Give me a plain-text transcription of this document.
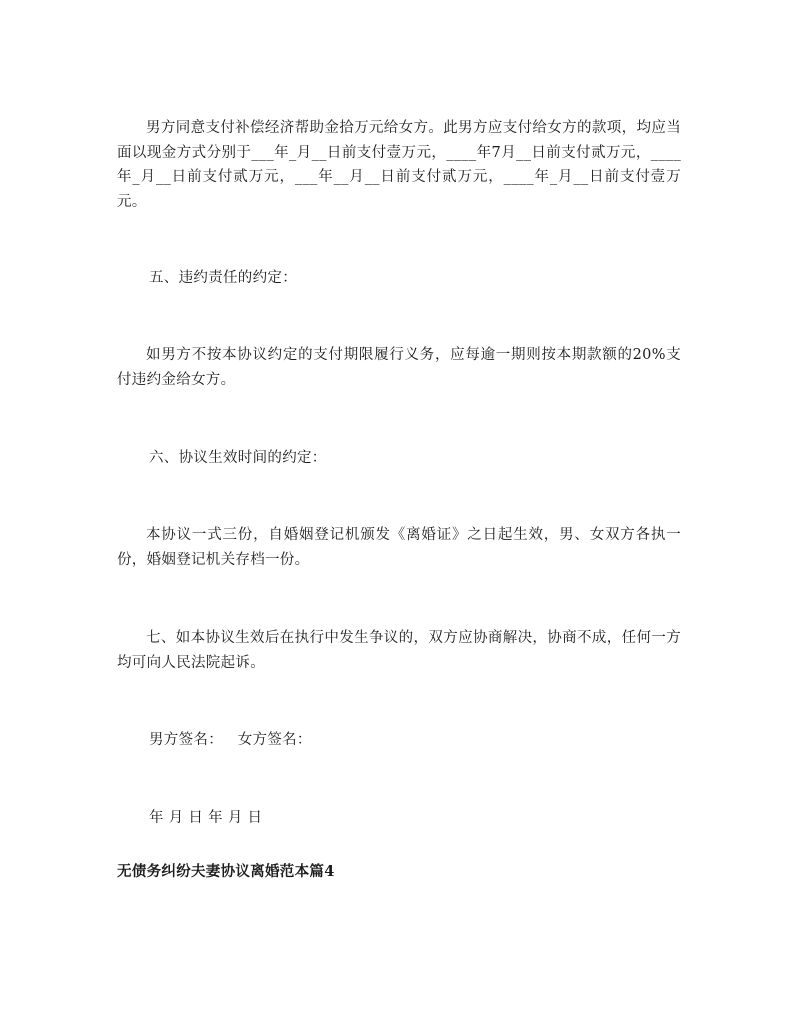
男方同意支付补偿经济帮助金拾万元给女方。此男方应支付给女方的款项，均应当面以现金方式分别于___年_月__日前支付壹万元，____年7月__日前支付贰万元，____年_月__日前支付贰万元，___年__月__日前支付贰万元，____年_月__日前支付壹万元。

五、违约责任的约定：

如男方不按本协议约定的支付期限履行义务，应每逾一期则按本期款额的20%支付违约金给女方。

六、协议生效时间的约定：

本协议一式三份，自婚姻登记机颁发《离婚证》之日起生效，男、女双方各执一份，婚姻登记机关存档一份。

七、如本协议生效后在执行中发生争议的，双方应协商解决，协商不成，任何一方均可向人民法院起诉。

男方签名：   女方签名：

年 月 日 年 月 日

无债务纠纷夫妻协议离婚范本篇4
